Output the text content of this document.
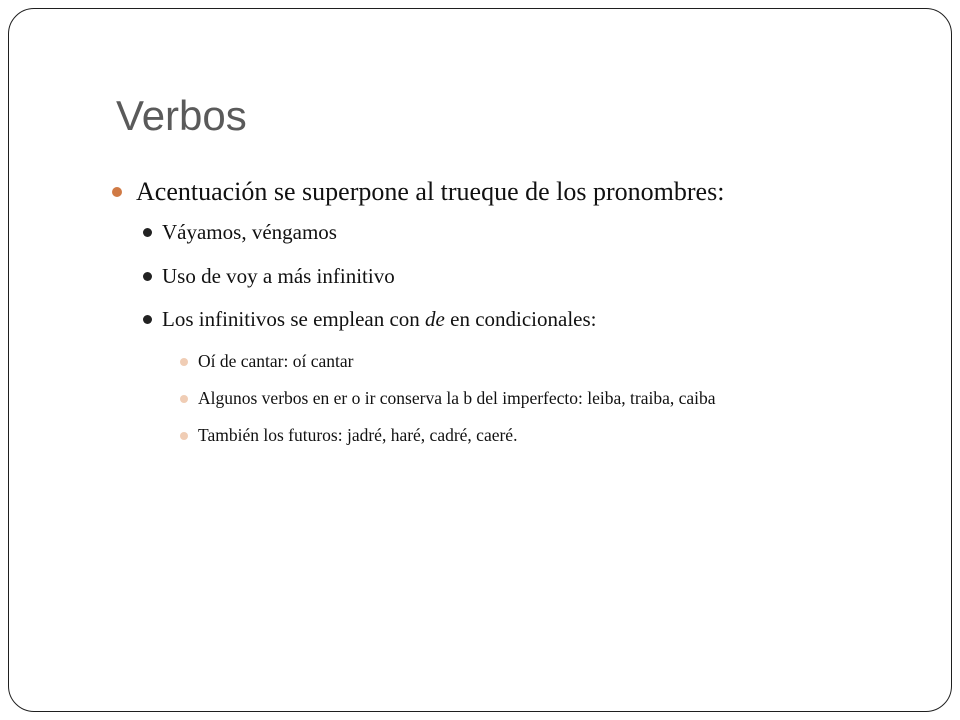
Verbos
Acentuación se superpone al trueque de los pronombres:
Váyamos, véngamos
Uso de voy a más infinitivo
Los infinitivos se emplean con de en condicionales:
Oí de cantar: oí cantar
Algunos verbos en er o ir conserva la b del imperfecto: leiba, traiba, caiba
También los futuros: jadré, haré, cadré, caeré.
